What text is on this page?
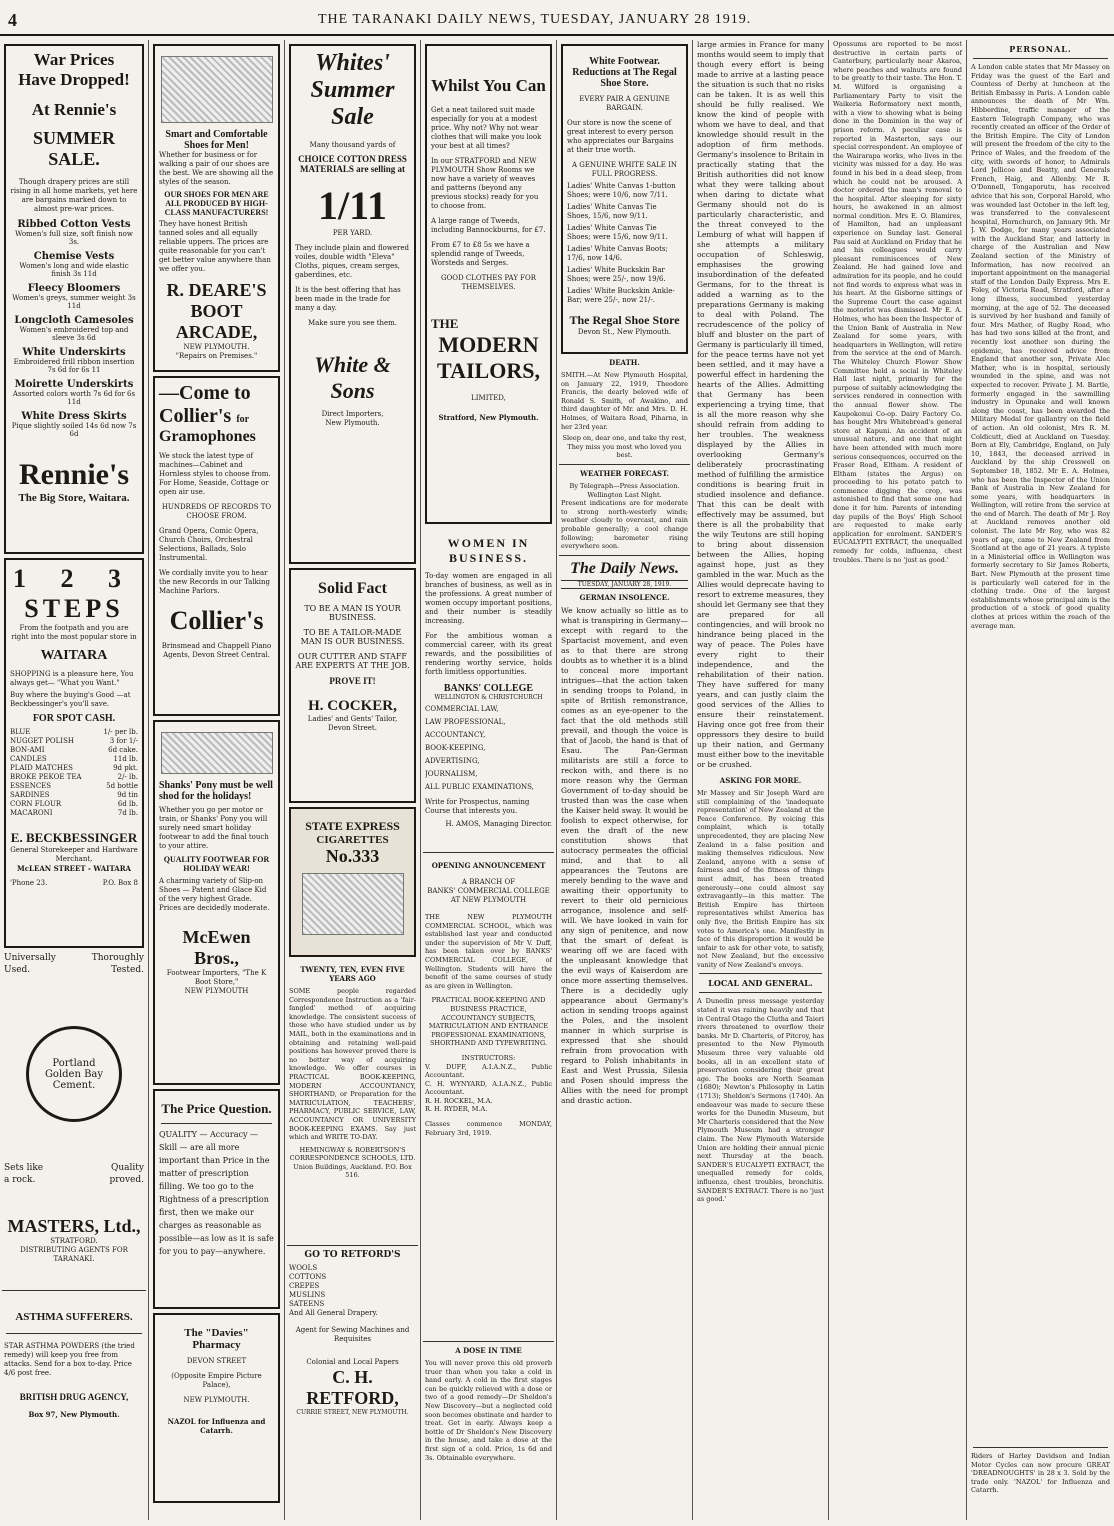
4	THE TARANAKI DAILY NEWS, TUESDAY, JANUARY 28 1919.
War Prices
Have Dropped!
At Rennie's
SUMMER SALE.
Though drapery prices are still rising in all home markets, yet here are bargains marked down to almost pre-war prices.
Ribbed Cotton Vests
Women's full size, soft finish now 3s.
Chemise Vests
Women's long and wide elastic finish 3s 11d
Fleecy Bloomers
Women's greys, summer weight 3s 11d
Longcloth Camesoles
Women's embroidered top and sleeve 3s 6d
White Underskirts
Embroidered frill ribbon insertion 7s 6d for 6s 11
Moirette Underskirts
Assorted colors worth 7s 6d for 6s 11d
White Dress Skirts
Pique slightly soiled 14s 6d now 7s 6d
Rennie's
The Big Store, Waitara.
1 2 3
STEPS
From the footpath and you are right into the most popular store in
WAITARA
SHOPPING is a pleasure here, You always get— "What you Want."
Buy where the buying's Good —at Beckbessinger's you'll save.
FOR SPOT CASH.
BLUE	1/- per lb.
NUGGET POLISH	3 for 1/-
BON-AMI	6d cake.
CANDLES	11d lb.
PLAID MATCHES	9d pkt.
BROKE PEKOE TEA	2/- lb.
ESSENCES	5d bottle
SARDINES	9d tin
CORN FLOUR	6d lb.
MACARONI	7d lb.
E. BECKBESSINGER
General Storekeeper and Hardware Merchant,
McLEAN STREET - WAITARA
'Phone 23.	P.O. Box 8
Universally	Thoroughly
Used.	Tested.
Portland
Golden Bay
Cement.
Sets like	Quality
a rock.	proved.
MASTERS, Ltd.,
STRATFORD.
DISTRIBUTING AGENTS FOR TARANAKI.
ASTHMA SUFFERERS.
STAR ASTHMA POWDERS (the tried remedy) will keep you free from attacks. Send for a box to-day. Price 4/6 post free.
BRITISH DRUG AGENCY,
Box 97, New Plymouth.
Smart and Comfortable Shoes for Men!
Whether for business or for walking a pair of our shoes are the best. We are showing all the styles of the season.
OUR SHOES FOR MEN ARE ALL PRODUCED BY HIGH-CLASS MANUFACTURERS!
They have honest British tanned soles and all equally reliable uppers. The prices are quite reasonable for you can't get better value anywhere than we offer you.
R. DEARE'S
BOOT
ARCADE,
NEW PLYMOUTH.
"Repairs on Premises."
—Come to
Collier's for
Gramophones
We stock the latest type of machines—Cabinet and Hornless styles to choose from. For Home, Seaside, Cottage or open air use.
HUNDREDS OF RECORDS TO CHOOSE FROM.
Grand Opera, Comic Opera, Church Choirs, Orchestral Selections, Ballads, Solo Instrumental.
We cordially invite you to hear the new Records in our Talking Machine Parlors.
Collier's
Brinsmead and Chappell Piano Agents, Devon Street Central.
Shanks' Pony must be well shod for the holidays!
Whether you go per motor or train, or Shanks' Pony you will surely need smart holiday footwear to add the final touch to your attire.
QUALITY FOOTWEAR FOR HOLIDAY WEAR!
A charming variety of Slip-on Shoes — Patent and Glace Kid of the very highest Grade. Prices are decidedly moderate.
McEwen Bros.,
Footwear Importers, "The K Boot Store,"
NEW PLYMOUTH
The Price Question.
QUALITY — Accuracy — Skill — are all more important than Price in the matter of prescription filling. We too go to the Rightness of a prescription first, then we make our charges as reasonable as possible—as low as it is safe for you to pay—anywhere.
The "Davies" Pharmacy
DEVON STREET
(Opposite Empire Picture Palace),
NEW PLYMOUTH.
NAZOL for Influenza and Catarrh.
Whites'
Summer
Sale
Many thousand yards of
CHOICE COTTON DRESS MATERIALS are selling at
1/11
PER YARD.
They include plain and flowered voiles, double width "Eleva" Cloths, piques, cream serges, gaberdines, etc.
It is the best offering that has been made in the trade for many a day.
Make sure you see them.
White & Sons
Direct Importers,
New Plymouth.
Solid Fact
TO BE A MAN IS YOUR BUSINESS.
TO BE A TAILOR-MADE MAN IS OUR BUSINESS.
OUR CUTTER AND STAFF ARE EXPERTS AT THE JOB.
PROVE IT!
H. COCKER,
Ladies' and Gents' Tailor,
Devon Street.
STATE EXPRESS
CIGARETTES
No.333
TWENTY, TEN, EVEN FIVE YEARS AGO
SOME people regarded Correspondence Instruction as a 'fair-fangled' method of acquiring knowledge. The consistent success of those who have studied under us by MAIL, both in the examinations and in obtaining and retaining well-paid positions has however proved there is no better way of acquiring knowledge. We offer courses in PRACTICAL BOOK-KEEPING, MODERN ACCOUNTANCY, SHORTHAND, or Preparation for the MATRICULATION, TEACHERS', PHARMACY, PUBLIC SERVICE, LAW, ACCOUNTANCY OR UNIVERSITY BOOK-KEEPING EXAMS. Say just which and WRITE TO-DAY.
HEMINGWAY & ROBERTSON'S CORRESPONDENCE SCHOOLS, LTD.
Union Buildings, Auckland. P.O. Box 516.
GO TO RETFORD'S
WOOLS
COTTONS
CREPES
MUSLINS
SATEENS
And All General Drapery.
Agent for Sewing Machines and Requisites
Colonial and Local Papers
C. H. RETFORD,
CURRIE STREET, NEW PLYMOUTH.
Whilst You Can
Get a neat tailored suit made especially for you at a modest price. Why not? Why not wear clothes that will make you look your best at all times?
In our STRATFORD and NEW PLYMOUTH Show Rooms we now have a variety of weaves and patterns (beyond any previous stocks) ready for you to choose from.
A large range of Tweeds, including Bannockburns, for £7.
From £7 to £8 5s we have a splendid range of Tweeds, Worsteds and Serges.
GOOD CLOTHES PAY FOR THEMSELVES.
THE
MODERN
TAILORS,
LIMITED,
Stratford, New Plymouth.
WOMEN IN BUSINESS.
To-day women are engaged in all branches of business, as well as in the professions. A great number of women occupy important positions, and their number is steadily increasing.
For the ambitious woman a commercial career, with its great rewards, and the possibilities of rendering worthy service, holds forth limitless opportunities.
BANKS' COLLEGE
WELLINGTON & CHRISTCHURCH
COMMERCIAL LAW,
LAW PROFESSIONAL,
ACCOUNTANCY,
BOOK-KEEPING,
ADVERTISING,
JOURNALISM,
ALL PUBLIC EXAMINATIONS,
Write for Prospectus, naming Course that interests you.
H. AMOS, Managing Director.
OPENING ANNOUNCEMENT
A BRANCH OF
BANKS' COMMERCIAL COLLEGE
AT NEW PLYMOUTH
THE NEW PLYMOUTH COMMERCIAL SCHOOL, which was established last year and conducted under the supervision of Mr V. Duff, has been taken over by BANKS' COMMERCIAL COLLEGE, of Wellington. Students will have the benefit of the same courses of study as are given in Wellington.
PRACTICAL BOOK-KEEPING AND BUSINESS PRACTICE, ACCOUNTANCY SUBJECTS, MATRICULATION AND ENTRANCE PROFESSIONAL EXAMINATIONS, SHORTHAND AND TYPEWRITING.
INSTRUCTORS:
V. DUFF, A.I.A.N.Z., Public Accountant.
C. H. WYNYARD, A.I.A.N.Z., Public Accountant.
R. H. ROCKEL, M.A.
R. H. RYDER, M.A.
Classes commence MONDAY, February 3rd, 1919.
A DOSE IN TIME
You will never prove this old proverb truer than when you take a cold in hand early. A cold in the first stages can be quickly relieved with a dose or two of a good remedy—Dr Sheldon's New Discovery—but a neglected cold soon becomes obstinate and harder to treat. Get in early. Always keep a bottle of Dr Sheldon's New Discovery in the house, and take a dose at the first sign of a cold. Price, 1s 6d and 3s. Obtainable everywhere.
White Footwear. Reductions at The Regal Shoe Store.
EVERY PAIR A GENUINE BARGAIN.
Our store is now the scene of great interest to every person who appreciates our Bargains at their true worth.
A GENUINE WHITE SALE IN FULL PROGRESS.
Ladies' White Canvas 1-button Shoes; were 10/6, now 7/11.
Ladies' White Canvas Tie Shoes, 15/6, now 9/11.
Ladies' White Canvas Tie Shoes; were 15/6, now 9/11.
Ladies' White Canvas Boots; 17/6, now 14/6.
Ladies' White Buckskin Bar Shoes; were 25/-, now 19/6.
Ladies' White Buckskin Ankle-Bar; were 25/-, now 21/-.
The Regal Shoe Store
Devon St., New Plymouth.
DEATH.
SMITH.—At New Plymouth Hospital, on January 22, 1919, Theodore Francis, the dearly beloved wife of Ronald S. Smith, of Awakino, and third daughter of Mr. and Mrs. D. H. Holmes, of Waitara Road, Piharna, in her 23rd year.
Sleep on, dear one, and take thy rest, They miss you most who loved you best.
WEATHER FORECAST.
By Telegraph—Press Association. Wellington Last Night.
Present indications are for moderate to strong north-westerly winds; weather cloudy to overcast, and rain probable generally; a cool change following; barometer rising everywhere soon.
The Daily News.
TUESDAY, JANUARY 28, 1919.
GERMAN INSOLENCE.
We know actually so little as to what is transpiring in Germany—except with regard to the Spartacist movement, and even as to that there are strong doubts as to whether it is a blind to conceal more important intrigues—that the action taken in sending troops to Poland, in spite of British remonstrance, comes as an eye-opener to the fact that the old methods still prevail, and though the voice is that of Jacob, the hand is that of Esau. The Pan-German militarists are still a force to reckon with, and there is no more reason why the German Government of to-day should be trusted than was the case when the Kaiser held sway. It would be foolish to expect otherwise, for even the draft of the new constitution shows that autocracy permeates the official mind, and that to all appearances the Teutons are merely bending to the wave and awaiting their opportunity to revert to their old pernicious arrogance, insolence and self-will. We have looked in vain for any sign of penitence, and now that the smart of defeat is wearing off we are faced with the unpleasant knowledge that the evil ways of Kaiserdom are once more asserting themselves. There is a decidedly ugly appearance about Germany's action in sending troops against the Poles, and the insolent manner in which surprise is expressed that she should refrain from provocation with regard to Polish inhabitants in East and West Prussia, Silesia and Posen should impress the Allies with the need for prompt and drastic action.
large armies in France for many months would seem to imply that though every effort is being made to arrive at a lasting peace the situation is such that no risks can be taken. It is as well this should be fully realised. We know the kind of people with whom we have to deal, and that knowledge should result in the adoption of firm methods. Germany's insolence to Britain in practically stating that the British authorities did not know what they were talking about when daring to dictate what Germany should not do is particularly characteristic, and the threat conveyed to the Lemburg of what will happen if she attempts a military occupation of Schleswig, emphasises the growing insubordination of the defeated Germans, for to the threat is added a warning as to the preparations Germany is making to deal with Poland. The recrudescence of the policy of bluff and bluster on the part of Germany is particularly ill timed, for the peace terms have not yet been settled, and it may have a powerful effect in hardening the hearts of the Allies. Admitting that Germany has been experiencing a trying time, that is all the more reason why she should refrain from adding to her troubles. The weakness displayed by the Allies in overlooking Germany's deliberately procrastinating method of fulfilling the armistice conditions is bearing fruit in studied insolence and defiance. That this can be dealt with effectively may be assumed, but there is all the probability that the wily Teutons are still hoping to bring about dissension between the Allies, hoping against hope, just as they gambled in the war. Much as the Allies would deprecate having to resort to extreme measures, they should let Germany see that they are prepared for all contingencies, and will brook no hindrance being placed in the way of peace. The Poles have every right to their independence, and the rehabilitation of their nation. They have suffered for many years, and can justly claim the good services of the Allies to ensure their reinstatement. Having once got free from their oppressors they desire to build up their nation, and Germany must either bow to the inevitable or be crushed.
ASKING FOR MORE.
Mr Massey and Sir Joseph Ward are still complaining of the 'inadequate representation' of New Zealand at the Peace Conference. By voicing this complaint, which is totally unprecedented, they are placing New Zealand in a false position and making themselves ridiculous. New Zealand, anyone with a sense of fairness and of the fitness of things must admit, has been treated generously—one could almost say extravagantly—in this matter. The British Empire has thirteen representatives whilst America has only five, the British Empire has six votes to America's one. Manifestly in face of this disproportion it would be unfair to ask for other vote, to satisfy, not New Zealand, but the excessive vanity of New Zealand's envoys.
LOCAL AND GENERAL.
A Dunedin press message yesterday stated it was raining heavily and that in Central Otago the Clutha and Taieri rivers threatened to overflow their banks. Mr D. Charteris, of Pitcroy, has presented to the New Plymouth Museum three very valuable old books, all in an excellent state of preservation considering their great age. The books are North Seaman (1680); Newton's Philosophy in Latin (1713); Sheldon's Sermons (1740). An endeavour was made to secure these works for the Dunedin Museum, but Mr Charteris considered that the New Plymouth Museum had a stronger claim. The New Plymouth Waterside Union are holding their annual picnic next Thursday at the beach. SANDER'S EUCALYPTI EXTRACT, the unequalled remedy for colds, influenza, chest troubles, bronchitis. SANDER'S EXTRACT. There is no 'just as good.'
Opossums are reported to be most destructive in certain parts of Canterbury, particularly near Akaroa, where peaches and walnuts are found to be greatly to their taste. The Hon. T. M. Wilford is organising a Parliamentary Party to visit the Waikeria Reformatory next month, with a view to showing what is being done in the Dominion in the way of prison reform. A peculiar case is reported in Masterton, says our special correspondent. An employee of the Wairarapa works, who lives in the vicinity was missed for a day. He was found in his bed in a dead sleep, from which he could not be aroused. A doctor ordered the man's removal to the hospital. After sleeping for sixty hours, he awakened in an almost normal condition. Mrs E. O. Blamires, of Hamilton, had an unpleasant experience on Sunday last. General Pau said at Auckland on Friday that he and his colleagues would carry pleasant reminiscences of New Zealand. He had gained love and admiration for its people, and he could not find words to express what was in his heart. At the Gisborne sittings of the Supreme Court the case against the motorist was dismissed. Mr E. A. Holmes, who has been the Inspector of the Union Bank of Australia in New Zealand for some years, with headquarters in Wellington, will retire from the service at the end of March. The Whiteley Church Flower Show Committee held a social in Whiteley Hall last night, primarily for the purpose of suitably acknowledging the services rendered in connection with the annual flower show. The Kaupokonui Co-op. Dairy Factory Co. has bought Mrs Whitebread's general store at Kapuni. An accident of an unusual nature, and one that might have been attended with much more serious consequences, occurred on the Fraser Road, Eltham. A resident of Eltham (states the Argus) on proceeding to his potato patch to commence digging the crop, was astonished to find that some one had done it for him. Parents of intending day pupils of the Boys' High School are requested to make early application for enrolment. SANDER'S EUCALYPTI EXTRACT, the unequalled remedy for colds, influenza, chest troubles. There is no 'just as good.'
PERSONAL.
A London cable states that Mr Massey on Friday was the guest of the Earl and Countess of Derby at luncheon at the British Embassy in Paris. A London cable announces the death of Mr Wm. Hibberdine, traffic manager of the Eastern Telegraph Company, who was recently created an officer of the Order of the British Empire. The City of London will present the freedom of the city to the Prince of Wales, and the freedom of the city, with swords of honor, to Admirals Lord Jellicoe and Beatty, and Generals French, Haig, and Allenby. Mr R. O'Donnell, Tongaporutu, has received advice that his son, Corporal Harold, who was wounded last October in the left leg, was transferred to the convalescent hospital, Hornchurch, on January 9th. Mr J. W. Dodge, for many years associated with the Auckland Star, and latterly in charge of the Australian and New Zealand section of the Ministry of Information, has now received an important appointment on the managerial staff of the London Daily Express. Mrs E. Foley, of Victoria Road, Stratford, after a long illness, succumbed yesterday morning, at the age of 52. The deceased is survived by her husband and family of four. Mrs Mather, of Rugby Road, who has had two sons killed at the front, and recently lost another son during the epidemic, has received advice from England that another son, Private Alec Mather, who is in hospital, seriously wounded in the spine, and was not expected to recover. Private J. M. Bartle, formerly engaged in the sawmilling industry in Opunake and well known along the coast, has been awarded the Military Medal for gallantry on the field of action. An old colonist, Mrs R. M. Coldicutt, died at Auckland on Tuesday. Born at Ely, Cambridge, England, on July 10, 1843, the deceased arrived in Auckland by the ship Cresswell on September 18, 1852. Mr E. A. Holmes, who has been the Inspector of the Union Bank of Australia in New Zealand for some years, with headquarters in Wellington, will retire from the service at the end of March. The death of Mr J. Roy at Auckland removes another old colonist. The late Mr Roy, who was 82 years of age, came to New Zealand from Scotland at the age of 21 years. A typiste in a Ministerial office in Wellington was formerly secretary to Sir James Roberts, Bart. New Plymouth at the present time is particularly well catered for in the clothing trade. One of the largest establishments whose principal aim is the production of a stock of good quality clothes at prices within the reach of the average man.
Riders of Harley Davidson and Indian Motor Cycles can now procure GREAT 'DREADNOUGHTS' in 28 x 3. Sold by the trade only. 'NAZOL' for Influenza and Catarrh.
